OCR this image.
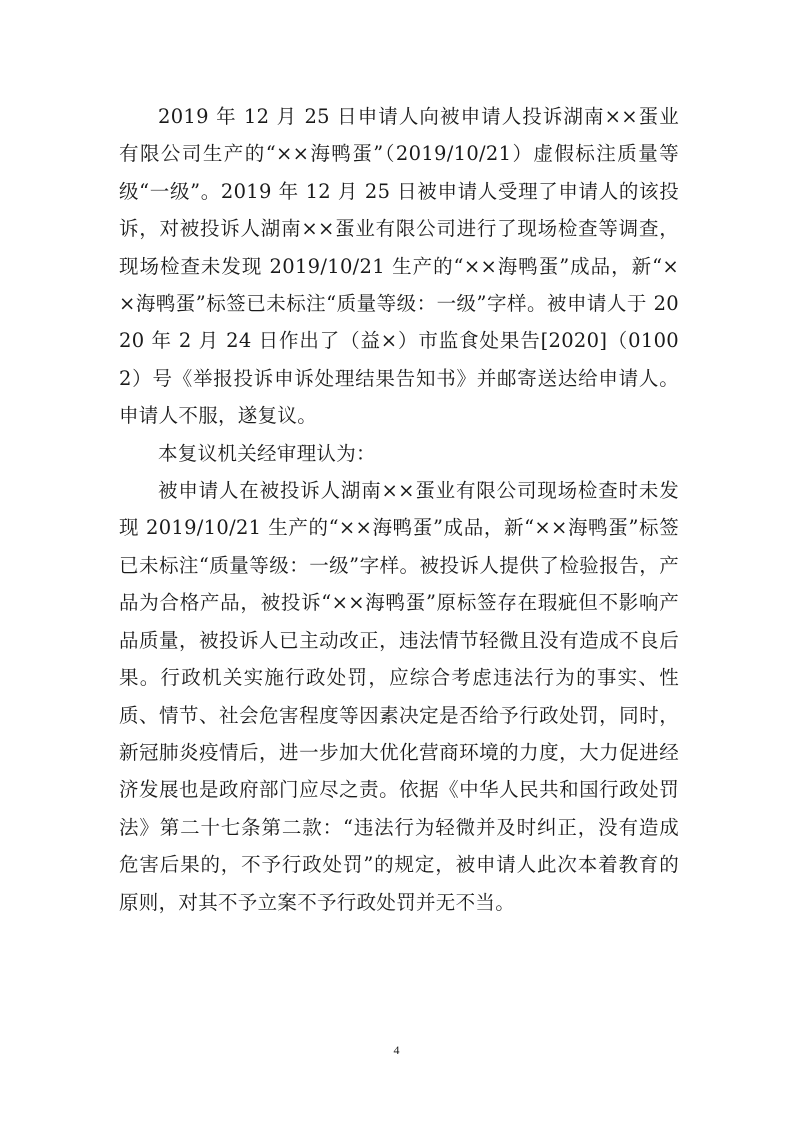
2019 年 12 月 25 日申请人向被申请人投诉湖南××蛋业有限公司生产的“××海鸭蛋”（2019/10/21）虚假标注质量等级“一级”。2019 年 12 月 25 日被申请人受理了申请人的该投诉，对被投诉人湖南××蛋业有限公司进行了现场检查等调查，现场检查未发现 2019/10/21 生产的“××海鸭蛋”成品，新“××海鸭蛋”标签已未标注“质量等级：一级”字样。被申请人于 2020 年 2 月 24 日作出了（益×）市监食处果告[2020]（01002）号《举报投诉申诉处理结果告知书》并邮寄送达给申请人。申请人不服，遂复议。

本复议机关经审理认为：

被申请人在被投诉人湖南××蛋业有限公司现场检查时未发现 2019/10/21 生产的“××海鸭蛋”成品，新“××海鸭蛋”标签已未标注“质量等级：一级”字样。被投诉人提供了检验报告，产品为合格产品，被投诉“××海鸭蛋”原标签存在瑕疵但不影响产品质量，被投诉人已主动改正，违法情节轻微且没有造成不良后果。行政机关实施行政处罚，应综合考虑违法行为的事实、性质、情节、社会危害程度等因素决定是否给予行政处罚，同时，新冠肺炎疫情后，进一步加大优化营商环境的力度，大力促进经济发展也是政府部门应尽之责。依据《中华人民共和国行政处罚法》第二十七条第二款：“违法行为轻微并及时纠正，没有造成危害后果的，不予行政处罚”的规定，被申请人此次本着教育的原则，对其不予立案不予行政处罚并无不当。

4
